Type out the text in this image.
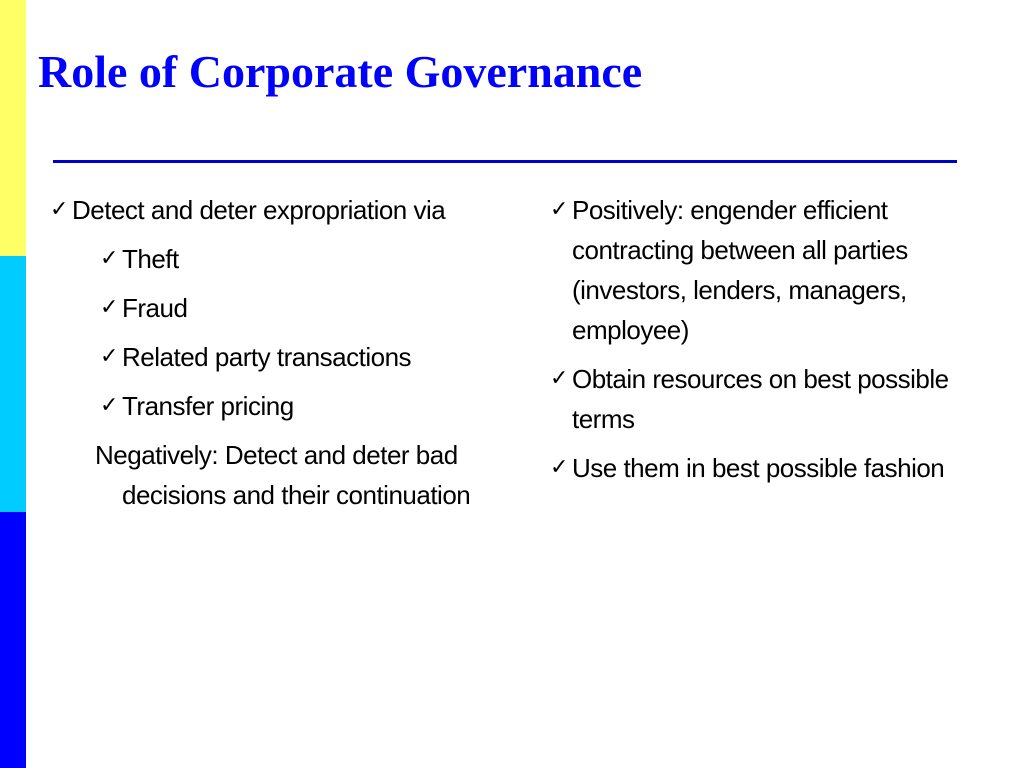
Role of Corporate Governance
✓ Detect and deter expropriation via
✓ Theft
✓ Fraud
✓ Related party transactions
✓ Transfer pricing
Negatively: Detect and deter bad decisions and their continuation
✓ Positively: engender efficient contracting between all parties (investors, lenders, managers, employee)
✓ Obtain resources on best possible terms
✓ Use them in best possible fashion
